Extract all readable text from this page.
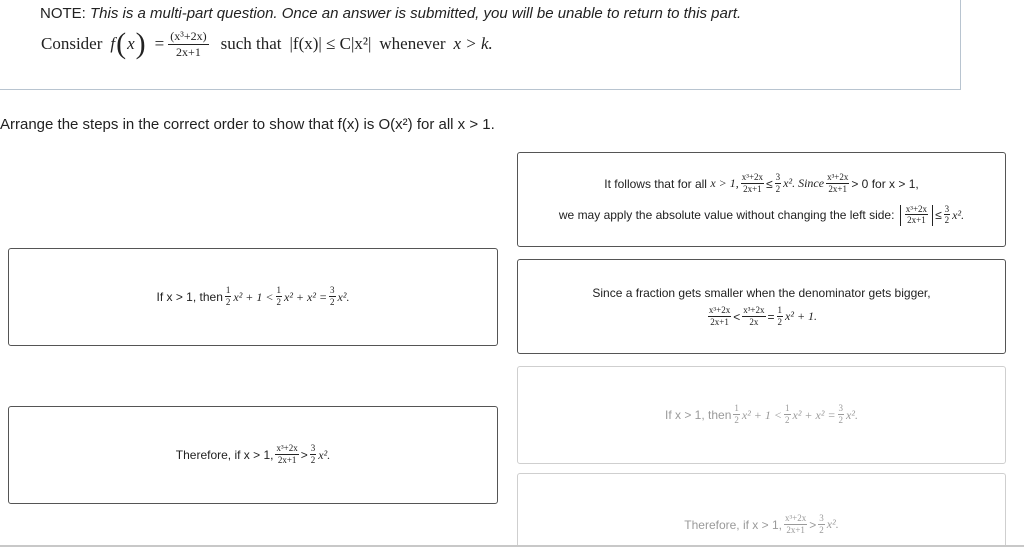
NOTE: This is a multi-part question. Once an answer is submitted, you will be unable to return to this part.
Consider f ( x ) = $\frac{\text{(x³+2x)}}{2x+1}$ such that |f(x)| ≤ C|x²| whenever x > k.
Arrange the steps in the correct order to show that f(x) is O(x²) for all x > 1.
It follows that for all
x > 1, $\frac{\text{x³+2x}}{2x+1} \le \frac{3}{2} x^2$. Since $\frac{\text{x³+2x}}{2x+1} > 0$ for x > 1,
we may apply the absolute value without changing the left side:
$\frac{\text{x³+2x}}{2x+1} \le \frac{3}{2} x^2$.
If x > 1, then $\frac{1}{2} x^2 + 1 < \frac{1}{2} x^2 + x^2 = \frac{3}{2} x^2$.	Since a fraction gets smaller when the denominator gets bigger,
$\frac{\text{x³+2x}}{2x+1} < \frac{\text{x³+2x}}{2x} = \frac{1}{2} x^2 + 1$.
If x > 1, then $\frac{1}{2} x^2 + 1 < \frac{1}{2} x^2 + x^2 = \frac{3}{2} x^2$.
Therefore, if x > 1, $\frac{\text{x³+2x}}{2x+1} > \frac{3}{2} x^2$.
Therefore, if x > 1, $\frac{\text{x³+2x}}{2x+1} > \frac{3}{2} x^2$.
